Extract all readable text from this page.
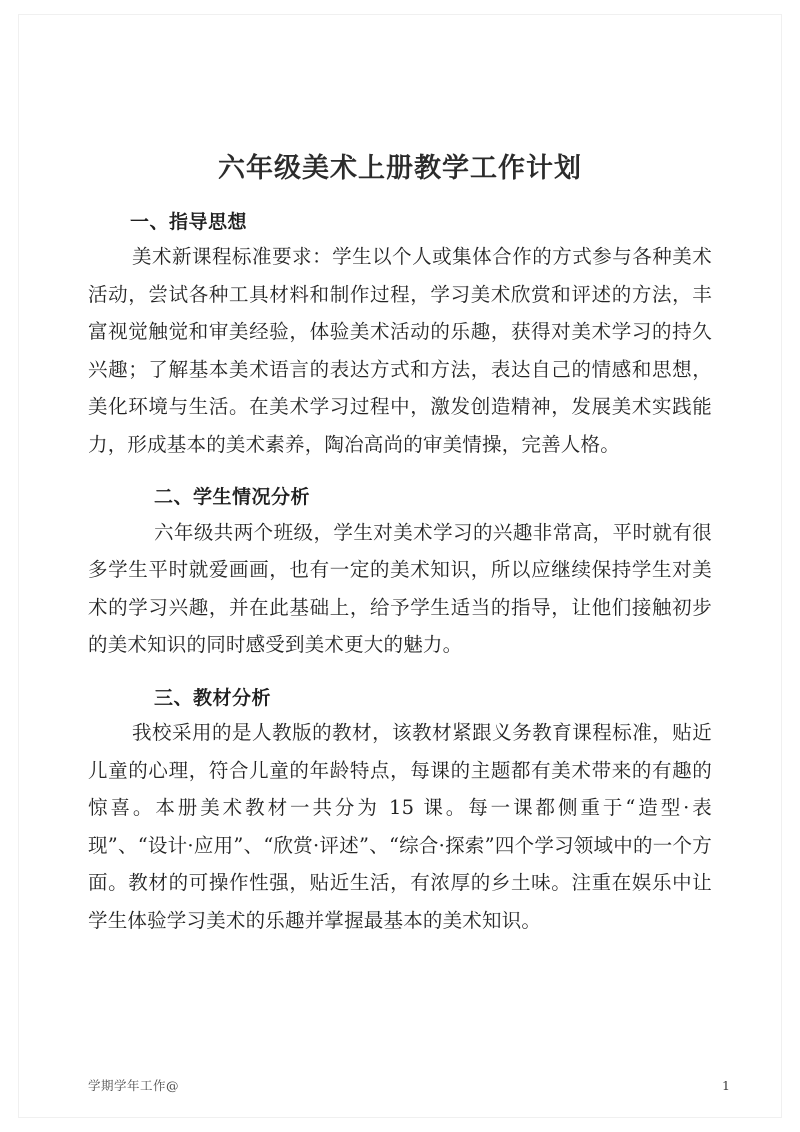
六年级美术上册教学工作计划
一、指导思想

美术新课程标准要求：学生以个人或集体合作的方式参与各种美术活动，尝试各种工具材料和制作过程，学习美术欣赏和评述的方法，丰富视觉触觉和审美经验，体验美术活动的乐趣，获得对美术学习的持久兴趣；了解基本美术语言的表达方式和方法，表达自己的情感和思想，美化环境与生活。在美术学习过程中，激发创造精神，发展美术实践能力，形成基本的美术素养，陶冶高尚的审美情操，完善人格。

二、学生情况分析

六年级共两个班级，学生对美术学习的兴趣非常高，平时就有很多学生平时就爱画画，也有一定的美术知识，所以应继续保持学生对美术的学习兴趣，并在此基础上，给予学生适当的指导，让他们接触初步的美术知识的同时感受到美术更大的魅力。

三、教材分析

我校采用的是人教版的教材，该教材紧跟义务教育课程标准，贴近儿童的心理，符合儿童的年龄特点，每课的主题都有美术带来的有趣的惊喜。本册美术教材一共分为 15 课。每一课都侧重于“造型·表现”、“设计·应用”、“欣赏·评述”、“综合·探索”四个学习领域中的一个方面。教材的可操作性强，贴近生活，有浓厚的乡土味。注重在娱乐中让学生体验学习美术的乐趣并掌握最基本的美术知识。

学期学年工作@	1
